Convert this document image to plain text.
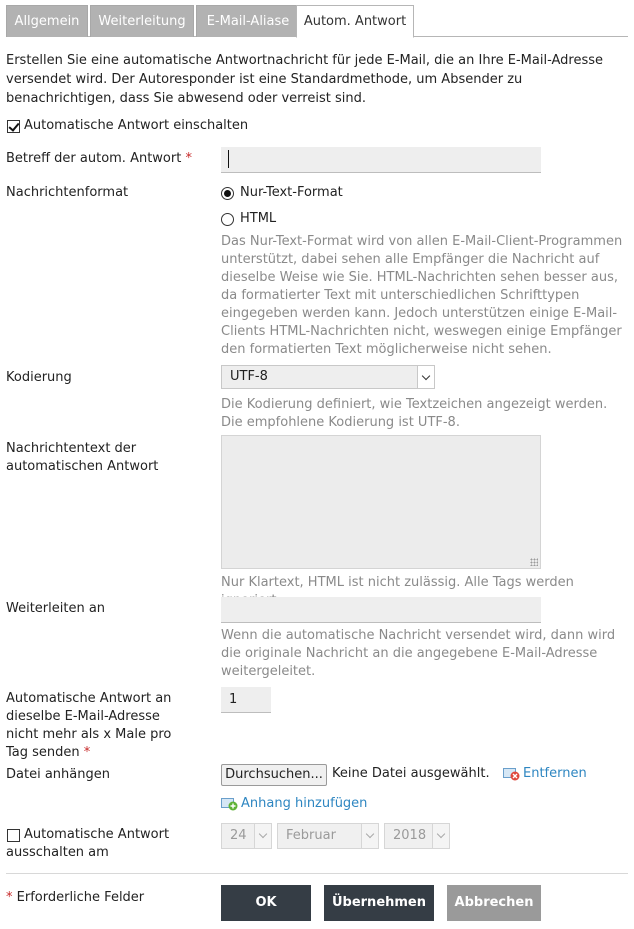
Allgemein	Weiterleitung	E-Mail-Aliase	Autom. Antwort
Erstellen Sie eine automatische Antwortnachricht für jede E-Mail, die an Ihre E-Mail-Adresse versendet wird. Der Autoresponder ist eine Standardmethode, um Absender zu benachrichtigen, dass Sie abwesend oder verreist sind.
Automatische Antwort einschalten
Betreff der autom. Antwort *
Nachrichtenformat	Nur-Text-Format
HTML
Das Nur-Text-Format wird von allen E-Mail-Client-Programmen unterstützt, dabei sehen alle Empfänger die Nachricht auf dieselbe Weise wie Sie. HTML-Nachrichten sehen besser aus, da formatierter Text mit unterschiedlichen Schrifttypen eingegeben werden kann. Jedoch unterstützen einige E-Mail-Clients HTML-Nachrichten nicht, weswegen einige Empfänger den formatierten Text möglicherweise nicht sehen.
Kodierung	UTF-8
Die Kodierung definiert, wie Textzeichen angezeigt werden. Die empfohlene Kodierung ist UTF-8.
Nachrichtentext der automatischen Antwort
Nur Klartext, HTML ist nicht zulässig. Alle Tags werden
Weiterleiten an
Wenn die automatische Nachricht versendet wird, dann wird die originale Nachricht an die angegebene E-Mail-Adresse weitergeleitet.
Automatische Antwort an dieselbe E-Mail-Adresse nicht mehr als x Male pro Tag senden *
1
Datei anhängen	Durchsuchen... Keine Datei ausgewählt.	Entfernen
Anhang hinzufügen
Automatische Antwort ausschalten am
24	Februar	2018
* Erforderliche Felder	OK	Übernehmen	Abbrechen
